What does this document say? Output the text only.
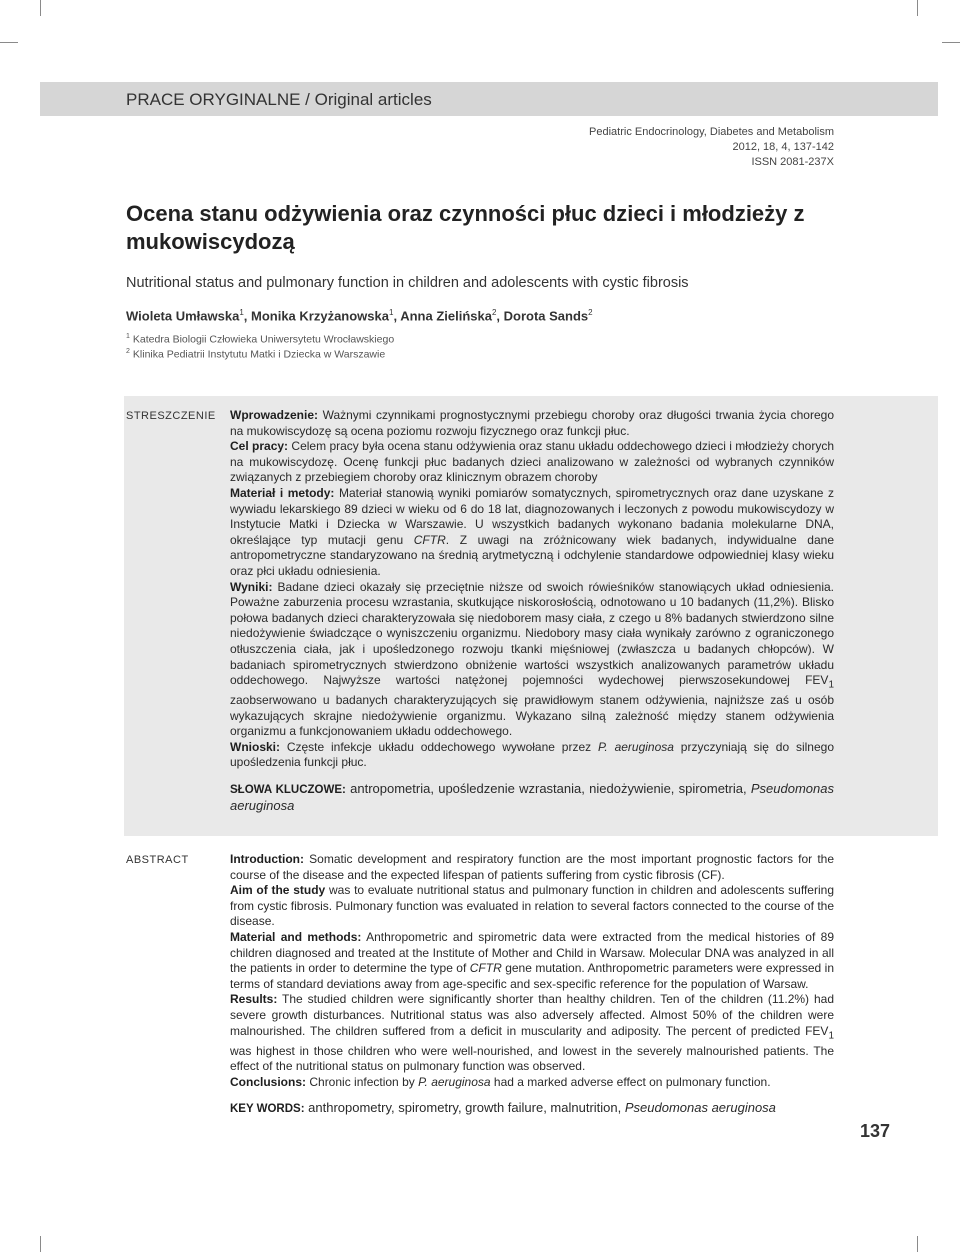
PRACE ORYGINALNE / Original articles
Pediatric Endocrinology, Diabetes and Metabolism
2012, 18, 4, 137-142
ISSN 2081-237X
Ocena stanu odżywienia oraz czynności płuc dzieci i młodzieży z mukowiscydozą
Nutritional status and pulmonary function in children and adolescents with cystic fibrosis
Wioleta Umławska$^1$, Monika Krzyżanowska$^1$, Anna Zielińska$^2$, Dorota Sands$^2$
$^1$ Katedra Biologii Człowieka Uniwersytetu Wrocławskiego
$^2$ Klinika Pediatrii Instytutu Matki i Dziecka w Warszawie
STRESZCZENIE Wprowadzenie: Ważnymi czynnikami prognostycznymi przebiegu choroby oraz długości trwania życia chorego na mukowiscydozę są ocena poziomu rozwoju fizycznego oraz funkcji płuc.

Cel pracy: Celem pracy była ocena stanu odżywienia oraz stanu układu oddechowego dzieci i młodzieży chorych na mukowiscydozę. Ocenę funkcji płuc badanych dzieci analizowano w zależności od wybranych czynników związanych z przebiegiem choroby oraz klinicznym obrazem choroby

Materiał i metody: Materiał stanowią wyniki pomiarów somatycznych, spirometrycznych oraz dane uzyskane z wywiadu lekarskiego 89 dzieci w wieku od 6 do 18 lat, diagnozowanych i leczonych z powodu mukowiscydozy w Instytucie Matki i Dziecka w Warszawie. U wszystkich badanych wykonano badania molekularne DNA, określające typ mutacji genu CFTR. Z uwagi na zróżnicowany wiek badanych, indywidualne dane antropometryczne standaryzowano na średnią arytmetyczną i odchylenie standardowe odpowiedniej klasy wieku oraz płci układu odniesienia.

Wyniki: Badane dzieci okazały się przeciętnie niższe od swoich rówieśników stanowiących układ odniesienia. Poważne zaburzenia procesu wzrastania, skutkujące niskorosłością, odnotowano u 10 badanych (11,2%). Blisko połowa badanych dzieci charakteryzowała się niedoborem masy ciała, z czego u 8% badanych stwierdzono silne niedożywienie świadczące o wyniszczeniu organizmu. Niedobory masy ciała wynikały zarówno z ograniczonego otłuszczenia ciała, jak i upośledzonego rozwoju tkanki mięśniowej (zwłaszcza u badanych chłopców). W badaniach spirometrycznych stwierdzono obniżenie wartości wszystkich analizowanych parametrów układu oddechowego. Najwyższe wartości natężonej pojemności wydechowej pierwszosekundowej $FEV_1$ zaobserwowano u badanych charakteryzujących się prawidłowym stanem odżywienia, najniższe zaś u osób wykazujących skrajne niedożywienie organizmu. Wykazano silną zależność między stanem odżywienia organizmu a funkcjonowaniem układu oddechowego.

Wnioski: Częste infekcje układu oddechowego wywołane przez P. aeruginosa przyczyniają się do silnego upośledzenia funkcji płuc.

SŁOWA KLUCZOWE: antropometria, upośledzenie wzrastania, niedożywienie, spirometria, Pseudomonas aeruginosa

ABSTRACT	Introduction: Somatic development and respiratory function are the most important prognostic factors for the course of the disease and the expected lifespan of patients suffering from cystic fibrosis (CF).

Aim of the study was to evaluate nutritional status and pulmonary function in children and adolescents suffering from cystic fibrosis. Pulmonary function was evaluated in relation to several factors connected to the course of the disease.

Material and methods: Anthropometric and spirometric data were extracted from the medical histories of 89 children diagnosed and treated at the Institute of Mother and Child in Warsaw. Molecular DNA was analyzed in all the patients in order to determine the type of CFTR gene mutation. Anthropometric parameters were expressed in terms of standard deviations away from age-specific and sex-specific reference for the population of Warsaw.

Results: The studied children were significantly shorter than healthy children. Ten of the children (11.2%) had severe growth disturbances. Nutritional status was also adversely affected. Almost 50% of the children were malnourished. The children suffered from a deficit in muscularity and adiposity. The percent of predicted $FEV_1$ was highest in those children who were well-nourished, and lowest in the severely malnourished patients. The effect of the nutritional status on pulmonary function was observed.

Conclusions: Chronic infection by P. aeruginosa had a marked adverse effect on pulmonary function.

KEY WORDS: anthropometry, spirometry, growth failure, malnutrition, Pseudomonas aeruginosa

137
